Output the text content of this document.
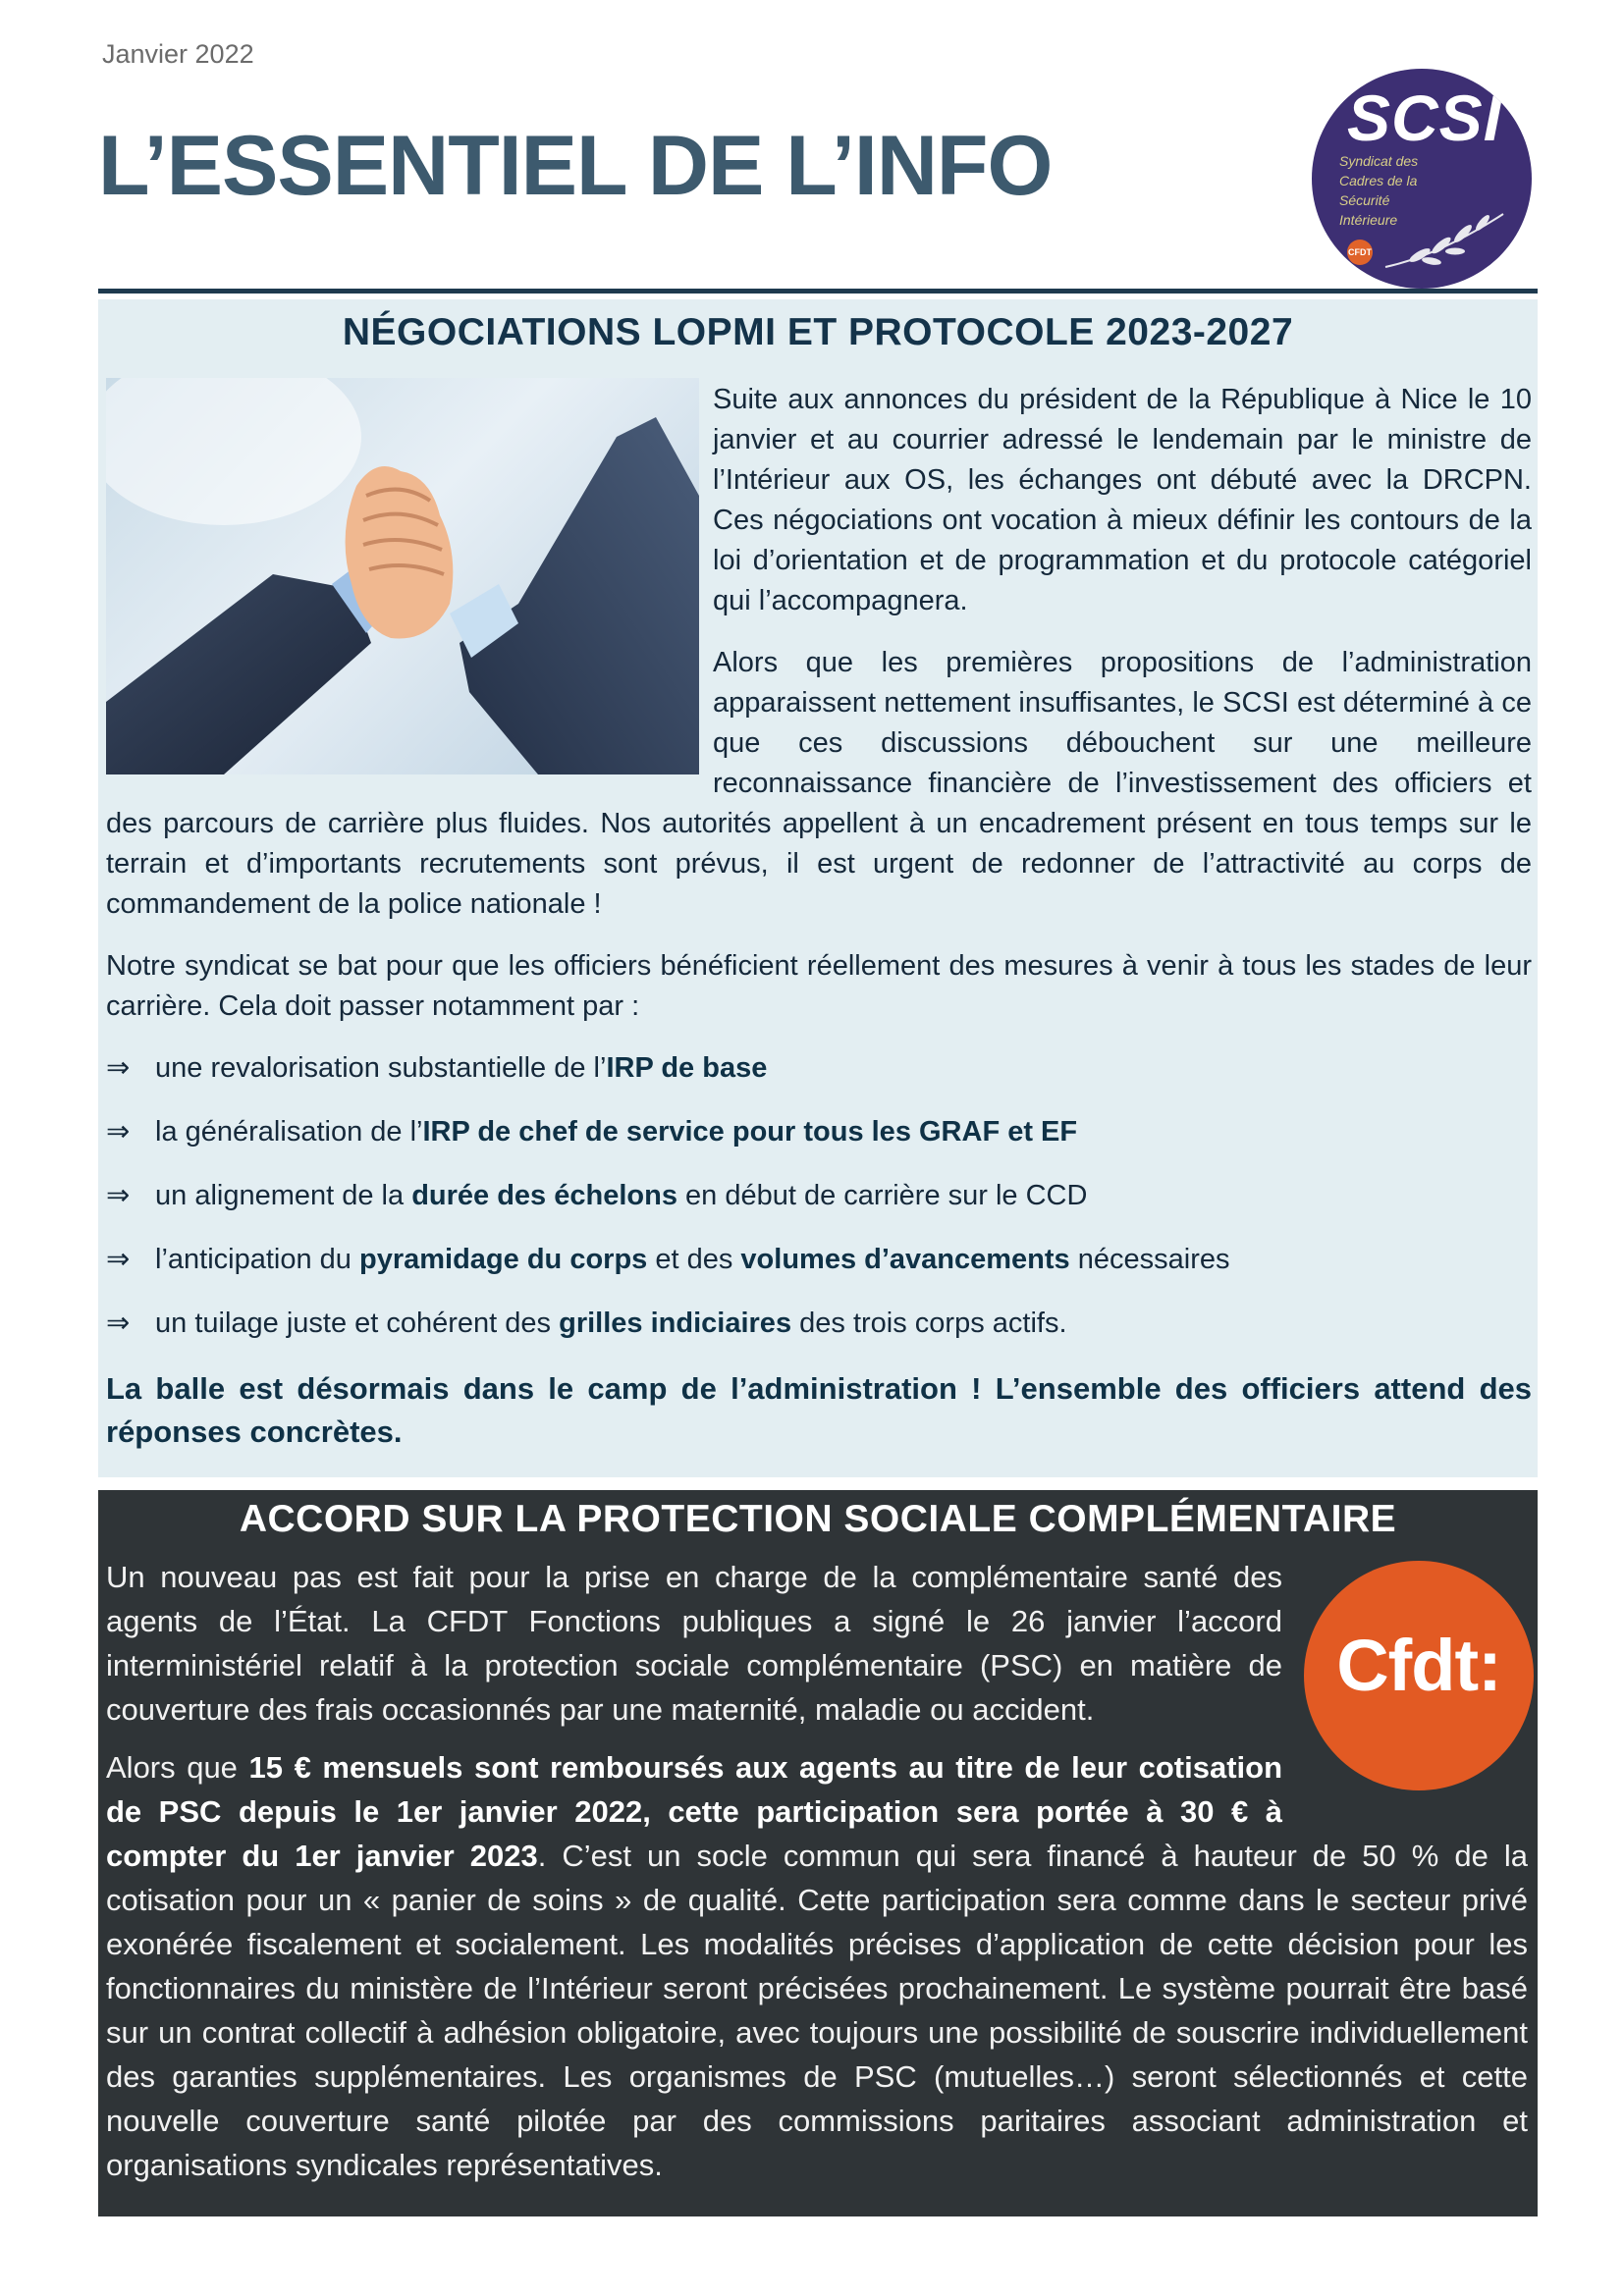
Janvier 2022
L’ESSENTIEL DE L’INFO
SCSI
Syndicat des
Cadres de la
Sécurité
Intérieure
CFDT
NÉGOCIATIONS LOPMI ET PROTOCOLE 2023-2027

Suite aux annonces du président de la République à Nice le 10 janvier et au courrier adressé le lendemain par le ministre de l’Intérieur aux OS, les échanges ont débuté avec la DRCPN. Ces négociations ont vocation à mieux définir les contours de la loi d’orientation et de programmation et du protocole catégoriel qui l’accompagnera.

Alors que les premières propositions de l’administration apparaissent nettement insuffisantes, le SCSI est déterminé à ce que ces discussions débouchent sur une meilleure reconnaissance financière de l’investissement des officiers et des parcours de carrière plus fluides. Nos autorités appellent à un encadrement présent en tous temps sur le terrain et d’importants recrutements sont prévus, il est urgent de redonner de l’attractivité au corps de commandement de la police nationale !

Notre syndicat se bat pour que les officiers bénéficient réellement des mesures à venir à tous les stades de leur carrière. Cela doit passer notamment par :

⇒ une revalorisation substantielle de l’IRP de base
⇒ la généralisation de l’IRP de chef de service pour tous les GRAF et EF
⇒ un alignement de la durée des échelons en début de carrière sur le CCD
⇒ l’anticipation du pyramidage du corps et des volumes d’avancements nécessaires
⇒ un tuilage juste et cohérent des grilles indiciaires des trois corps actifs.

La balle est désormais dans le camp de l’administration ! L’ensemble des officiers attend des réponses concrètes.

ACCORD SUR LA PROTECTION SOCIALE COMPLÉMENTAIRE
Cfdt:

Un nouveau pas est fait pour la prise en charge de la complémentaire santé des agents de l’État. La CFDT Fonctions publiques a signé le 26 janvier l’accord interministériel relatif à la protection sociale complémentaire (PSC) en matière de couverture des frais occasionnés par une maternité, maladie ou accident.

Alors que 15 € mensuels sont remboursés aux agents au titre de leur cotisation de PSC depuis le 1er janvier 2022, cette participation sera portée à 30 € à compter du 1er janvier 2023. C’est un socle commun qui sera financé à hauteur de 50 % de la cotisation pour un « panier de soins » de qualité. Cette participation sera comme dans le secteur privé exonérée fiscalement et socialement. Les modalités précises d’application de cette décision pour les fonctionnaires du ministère de l’Intérieur seront précisées prochainement. Le système pourrait être basé sur un contrat collectif à adhésion obligatoire, avec toujours une possibilité de souscrire individuellement des garanties supplémentaires. Les organismes de PSC (mutuelles…) seront sélectionnés et cette nouvelle couverture santé pilotée par des commissions paritaires associant administration et organisations syndicales représentatives.
